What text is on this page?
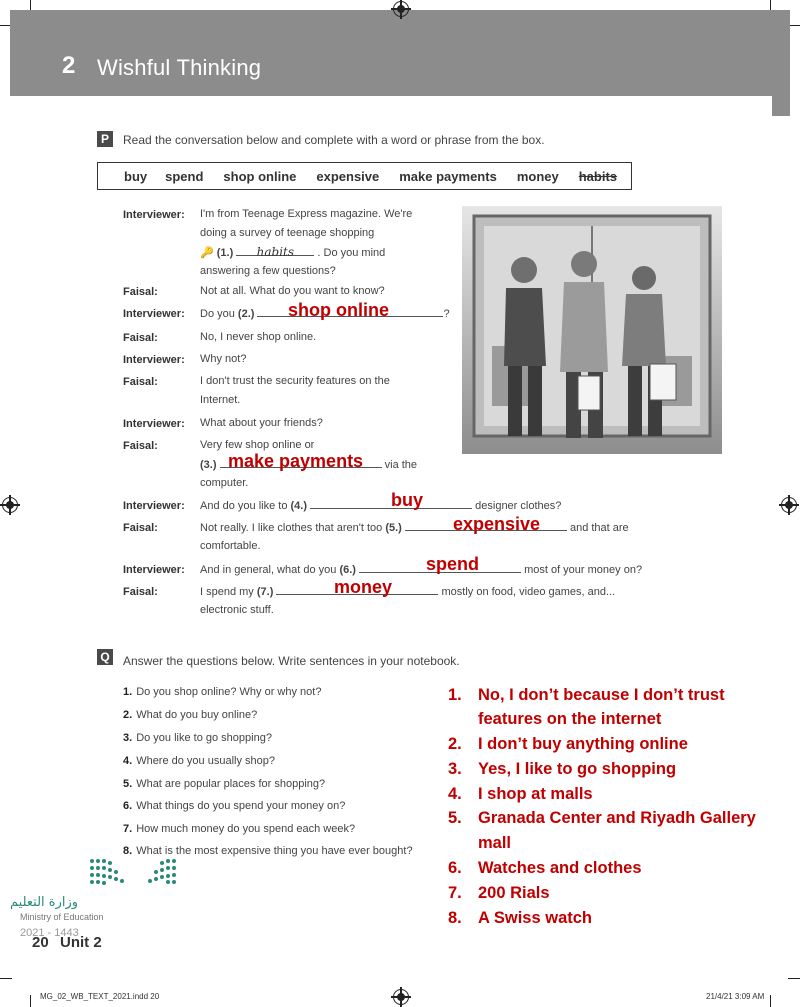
2 Wishful Thinking
P	Read the conversation below and complete with a word or phrase from the box.
buy spend shop online expensive make payments money habits
Interviewer: I'm from Teenage Express magazine. We're
doing a survey of teenage shopping
🔑 (1.) habits . Do you mind
answering a few questions?
Faisal:	Not at all. What do you want to know?
Interviewer: Do you (2.)	?
shop online
Faisal:	No, I never shop online.
Interviewer: Why not?
Faisal:	I don't trust the security features on the
Internet.
Interviewer: What about your friends?
Faisal:	Very few shop online or
(3.)	via the
make payments
computer.
Interviewer: And do you like to (4.)	designer clothes?
buy
Faisal:	Not really. I like clothes that aren't too (5.)	and that are
expensive
comfortable.
Interviewer: And in general, what do you (6.)	most of your money on?
spend
Faisal:	I spend my (7.)	mostly on food, video games, and...
money
electronic stuff.
Q Answer the questions below. Write sentences in your notebook.
1. Do you shop online? Why or why not?
2. What do you buy online?
3. Do you like to go shopping?
4. Where do you usually shop?
5. What are popular places for shopping?
6. What things do you spend your money on?
7. How much money do you spend each week?
8. What is the most expensive thing you have ever bought?
1. No, I don’t because I don’t trust
features on the internet
2. I don’t buy anything online
3. Yes, I like to go shopping
4. I shop at malls
5. Granada Center and Riyadh Gallery
mall
6. Watches and clothes
7. 200 Rials
8. A Swiss watch
وزارة التعليم
Ministry of Education
2021 - 1443
20 Unit 2
MG_02_WB_TEXT_2021.indd 20	21/4/21 3:09 AM
